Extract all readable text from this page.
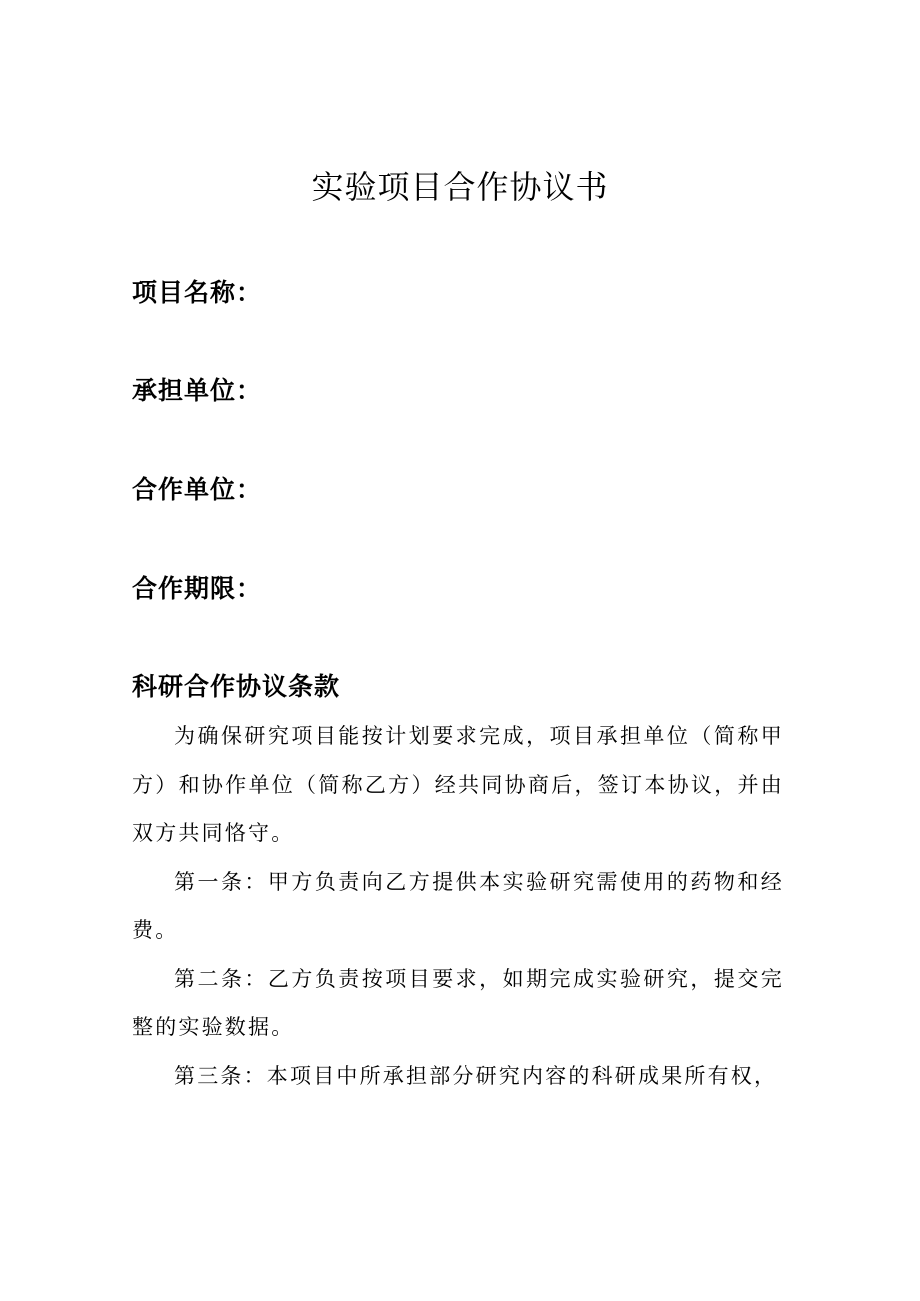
实验项目合作协议书
项目名称：
承担单位：
合作单位：
合作期限：
科研合作协议条款

为确保研究项目能按计划要求完成，项目承担单位（简称甲方）和协作单位（简称乙方）经共同协商后，签订本协议，并由双方共同恪守。

第一条：甲方负责向乙方提供本实验研究需使用的药物和经费。

第二条：乙方负责按项目要求，如期完成实验研究，提交完整的实验数据。

第三条：本项目中所承担部分研究内容的科研成果所有权，
